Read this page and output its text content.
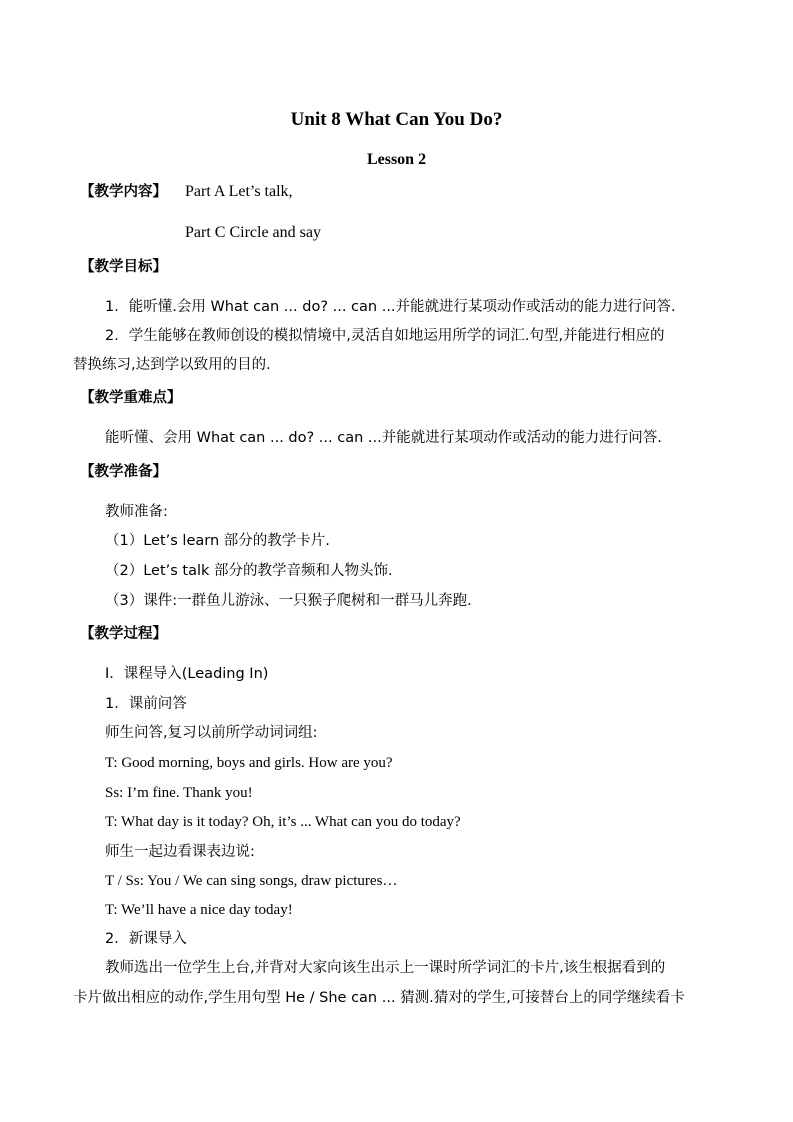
Unit 8 What Can You Do?
Lesson 2
【教学内容】 Part A Let’s talk,
Part C Circle and say
【教学目标】
1．能听懂.会用 What can ... do? ... can ...并能就进行某项动作或活动的能力进行问答.
2．学生能够在教师创设的模拟情境中,灵活自如地运用所学的词汇.句型,并能进行相应的
替换练习,达到学以致用的目的.
【教学重难点】
能听懂、会用 What can ... do? ... can ...并能就进行某项动作或活动的能力进行问答.
【教学准备】
教师准备:
（1）Let’s learn 部分的教学卡片.
（2）Let’s talk 部分的教学音频和人物头饰.
（3）课件:一群鱼儿游泳、一只猴子爬树和一群马儿奔跑.
【教学过程】
Ⅰ．课程导入(Leading In)
1．课前问答
师生问答,复习以前所学动词词组:
T: Good morning, boys and girls. How are you?
Ss: I’m fine. Thank you!
T: What day is it today? Oh, it’s ... What can you do today?
师生一起边看课表边说:
T / Ss: You / We can sing songs, draw pictures…
T: We’ll have a nice day today!
2．新课导入
教师选出一位学生上台,并背对大家向该生出示上一课时所学词汇的卡片,该生根据看到的
卡片做出相应的动作,学生用句型 He / She can ... 猜测.猜对的学生,可接替台上的同学继续看卡
